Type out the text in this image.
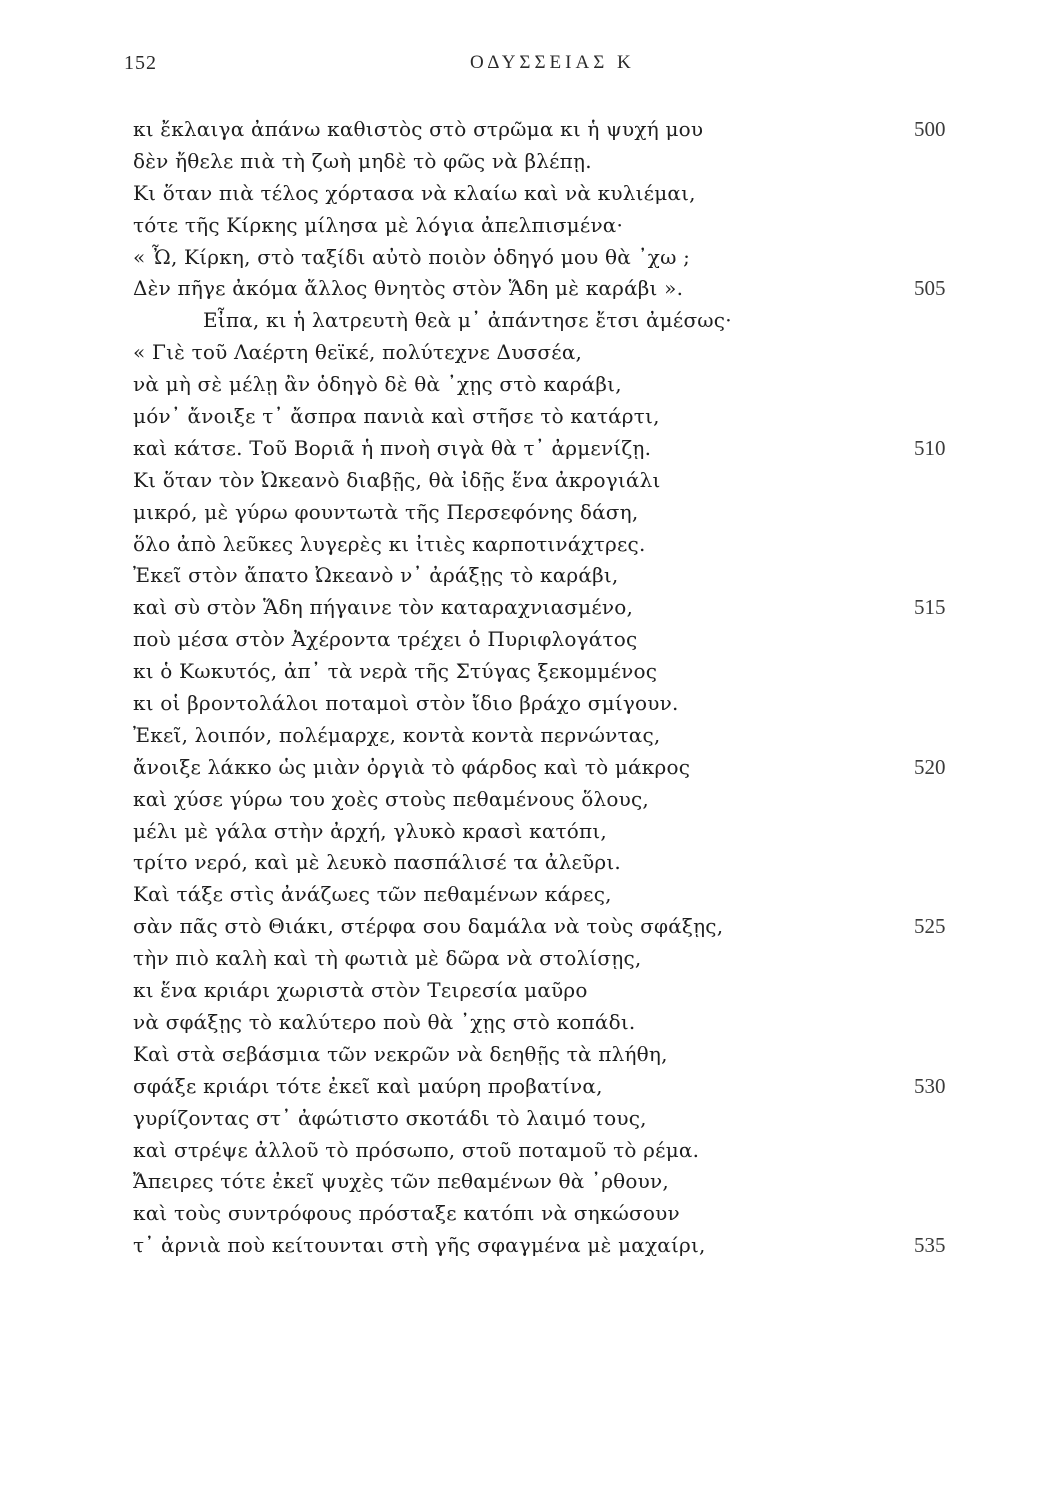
152	ΟΔΥΣΣΕΙΑΣ Κ
κι ἔκλαιγα ἀπάνω καθιστὸς στὸ στρῶμα κι ἡ ψυχή μου	500
δὲν ἤθελε πιὰ τὴ ζωὴ μηδὲ τὸ φῶς νὰ βλέπῃ.
Κι ὅταν πιὰ τέλος χόρτασα νὰ κλαίω καὶ νὰ κυλιέμαι,
τότε τῆς Κίρκης μίλησα μὲ λόγια ἀπελπισμένα·
« Ὦ, Κίρκη, στὸ ταξίδι αὐτὸ ποιὸν ὁδηγό μου θὰ ᾽χω ;
Δὲν πῆγε ἀκόμα ἄλλος θνητὸς στὸν Ἅδη μὲ καράβι ».	505
Εἶπα, κι ἡ λατρευτὴ θεὰ μ᾽ ἀπάντησε ἔτσι ἀμέσως·
« Γιὲ τοῦ Λαέρτη θεϊκέ, πολύτεχνε Δυσσέα,
νὰ μὴ σὲ μέλῃ ἂν ὁδηγὸ δὲ θὰ ᾽χῃς στὸ καράβι,
μόν᾽ ἄνοιξε τ᾽ ἄσπρα πανιὰ καὶ στῆσε τὸ κατάρτι,
καὶ κάτσε. Τοῦ Βοριᾶ ἡ πνοὴ σιγὰ θὰ τ᾽ ἀρμενίζῃ.	510
Κι ὅταν τὸν Ὠκεανὸ διαβῇς, θὰ ἰδῇς ἕνα ἀκρογιάλι
μικρό, μὲ γύρω φουντωτὰ τῆς Περσεφόνης δάση,
ὅλο ἀπὸ λεῦκες λυγερὲς κι ἰτιὲς καρποτινάχτρες.
Ἐκεῖ στὸν ἄπατο Ὠκεανὸ ν᾽ ἀράξῃς τὸ καράβι,
καὶ σὺ στὸν Ἅδη πήγαινε τὸν καταραχνιασμένο,	515
ποὺ μέσα στὸν Ἀχέροντα τρέχει ὁ Πυριφλογάτος
κι ὁ Κωκυτός, ἀπ᾽ τὰ νερὰ τῆς Στύγας ξεκομμένος
κι οἱ βροντολάλοι ποταμοὶ στὸν ἴδιο βράχο σμίγουν.
Ἐκεῖ, λοιπόν, πολέμαρχε, κοντὰ κοντὰ περνώντας,
ἄνοιξε λάκκο ὡς μιὰν ὀργιὰ τὸ φάρδος καὶ τὸ μάκρος	520
καὶ χύσε γύρω του χοὲς στοὺς πεθαμένους ὅλους,
μέλι μὲ γάλα στὴν ἀρχή, γλυκὸ κρασὶ κατόπι,
τρίτο νερό, καὶ μὲ λευκὸ πασπάλισέ τα ἀλεῦρι.
Καὶ τάξε στὶς ἀνάζωες τῶν πεθαμένων κάρες,
σὰν πᾶς στὸ Θιάκι, στέρφα σου δαμάλα νὰ τοὺς σφάξῃς,	525
τὴν πιὸ καλὴ καὶ τὴ φωτιὰ μὲ δῶρα νὰ στολίσῃς,
κι ἕνα κριάρι χωριστὰ στὸν Τειρεσία μαῦρο
νὰ σφάξῃς τὸ καλύτερο ποὺ θὰ ᾽χῃς στὸ κοπάδι.
Καὶ στὰ σεβάσμια τῶν νεκρῶν νὰ δεηθῇς τὰ πλήθη,
σφάξε κριάρι τότε ἐκεῖ καὶ μαύρη προβατίνα,	530
γυρίζοντας στ᾽ ἀφώτιστο σκοτάδι τὸ λαιμό τους,
καὶ στρέψε ἀλλοῦ τὸ πρόσωπο, στοῦ ποταμοῦ τὸ ρέμα.
Ἄπειρες τότε ἐκεῖ ψυχὲς τῶν πεθαμένων θὰ ᾽ρθουν,
καὶ τοὺς συντρόφους πρόσταξε κατόπι νὰ σηκώσουν
τ᾽ ἀρνιὰ ποὺ κείτουνται στὴ γῆς σφαγμένα μὲ μαχαίρι,	535
